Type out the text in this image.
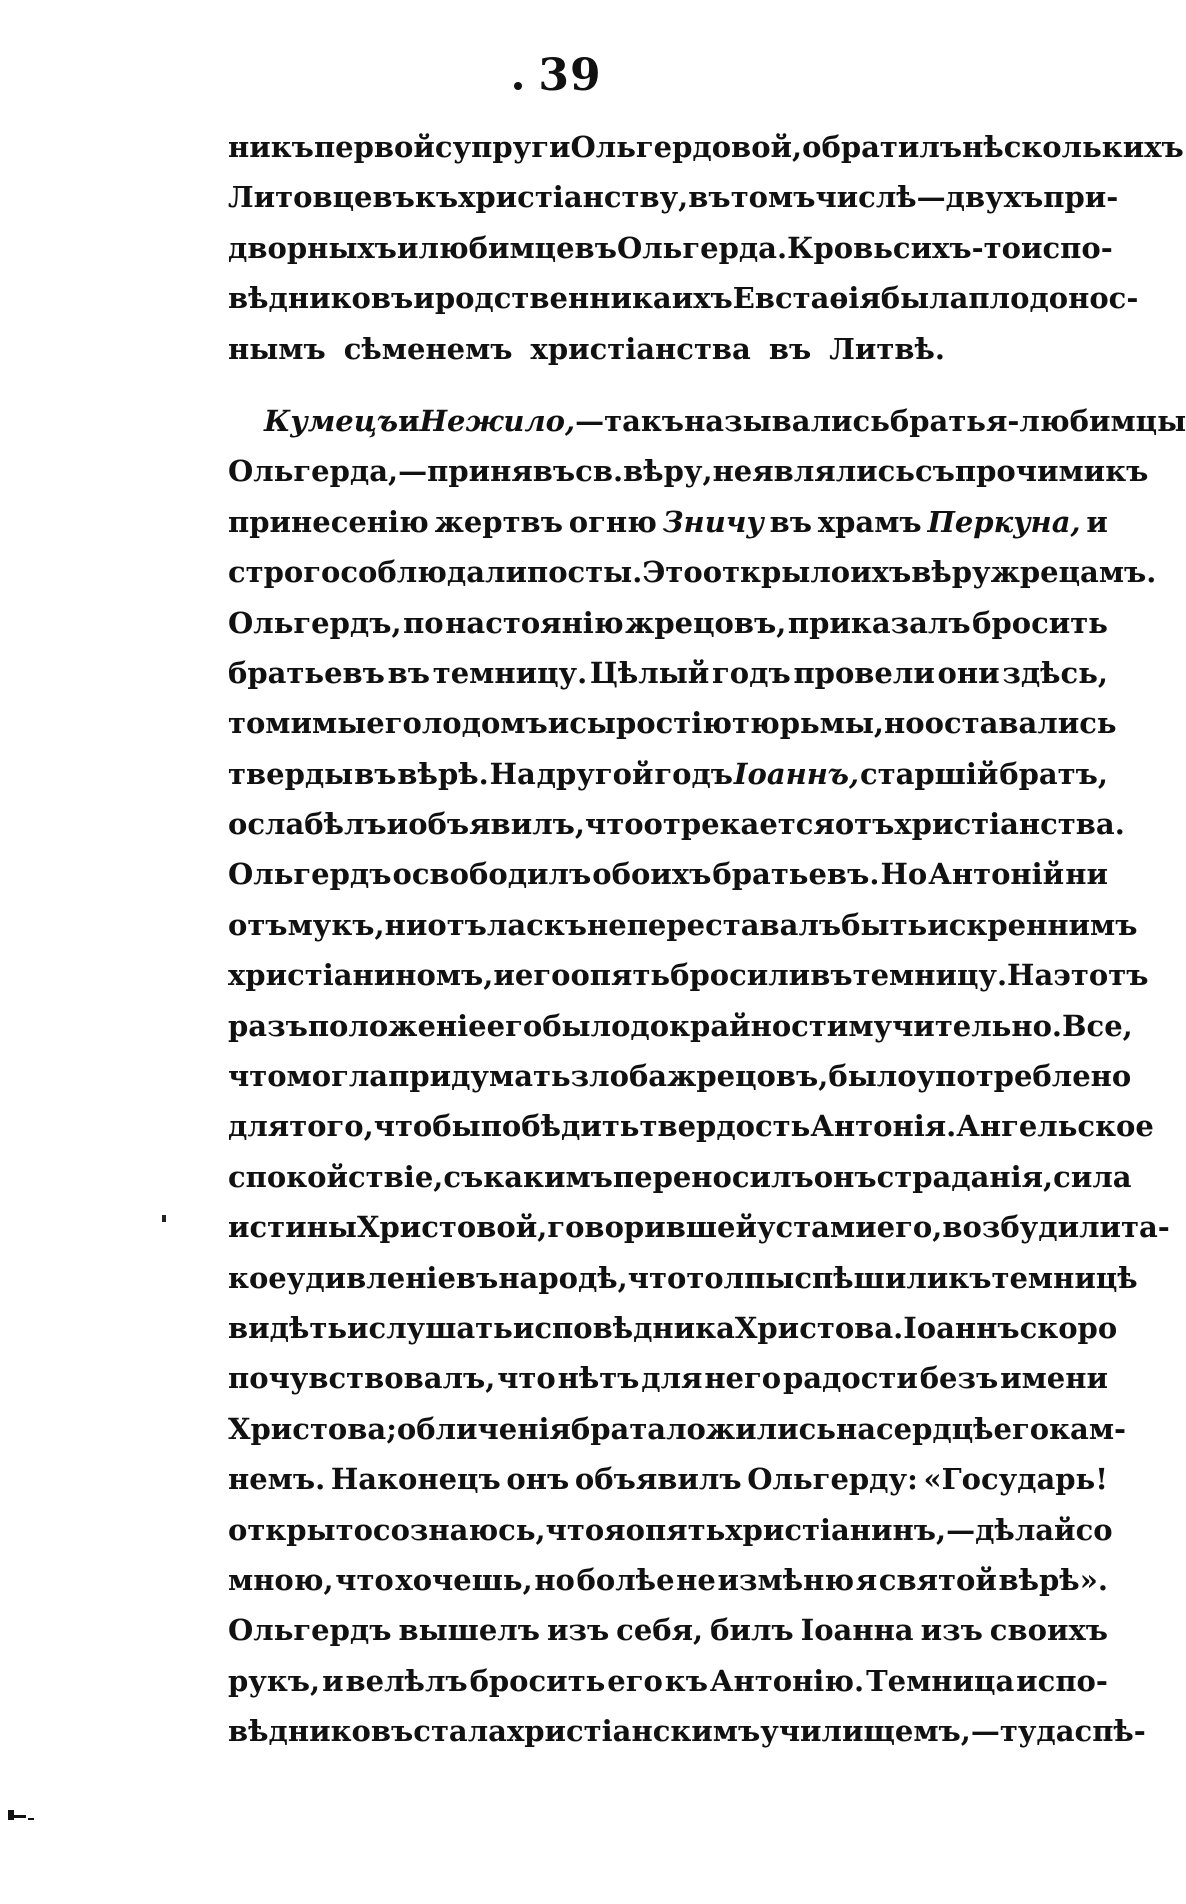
39
никъ первой супруги Ольгердовой, обратилъ нѣсколькихъ
Литовцевъ къ христіанству, въ томъ числѣ — двухъ при-
дворныхъ и любимцевъ Ольгерда. Кровь сихъ-то испо-
вѣдниковъ и родственника ихъ Евстаѳія была плодонос-
нымъ сѣменемъ христіанства въ Литвѣ.
Кумецъ и Нежило, — такъ назывались братья-любимцы
Ольгерда, — принявъ св. вѣру, не являлись съ прочими къ
принесенію жертвъ огню Зничу въ храмъ Перкуна, и
строго соблюдали посты. Это открыло ихъ вѣру жрецамъ.
Ольгердъ, по настоянію жрецовъ, приказалъ бросить
братьевъ въ темницу. Цѣлый годъ провели они здѣсь,
томимые голодомъ и сыростію тюрьмы, но оставались
тверды въ вѣрѣ. На другой годъ Іоаннъ, старшій братъ,
ослабѣлъ и объявилъ, что отрекается отъ христіанства.
Ольгердъ освободилъ обоихъ братьевъ. Но Антоній ни
отъ мукъ, ни отъ ласкъ не переставалъ быть искреннимъ
христіаниномъ, и его опять бросили въ темницу. На этотъ
разъ положеніе его было до крайности мучительно. Все,
что могла придумать злоба жрецовъ, было употреблено
для того, чтобы побѣдить твердость Антонія. Ангельское
спокойствіе, съ какимъ переносилъ онъ страданія, сила
истины Христовой, говорившей устами его, возбудили та-
кое удивленіе въ народѣ, что толпы спѣшили къ темницѣ
видѣть и слушать исповѣдника Христова. Іоаннъ скоро
почувствовалъ, что нѣтъ для него радости безъ имени
Христова; обличенія брата ложились на сердцѣ его кам-
немъ. Наконецъ онъ объявилъ Ольгерду: «Государь!
открыто сознаюсь, что я опять христіанинъ, — дѣлай со
мною, что хочешь, но болѣе не измѣню я святой вѣрѣ».
Ольгердъ вышелъ изъ себя, билъ Іоанна изъ своихъ
рукъ, и велѣлъ бросить его къ Антонію. Темница испо-
вѣдниковъ стала христіанскимъ училищемъ, — туда спѣ-
